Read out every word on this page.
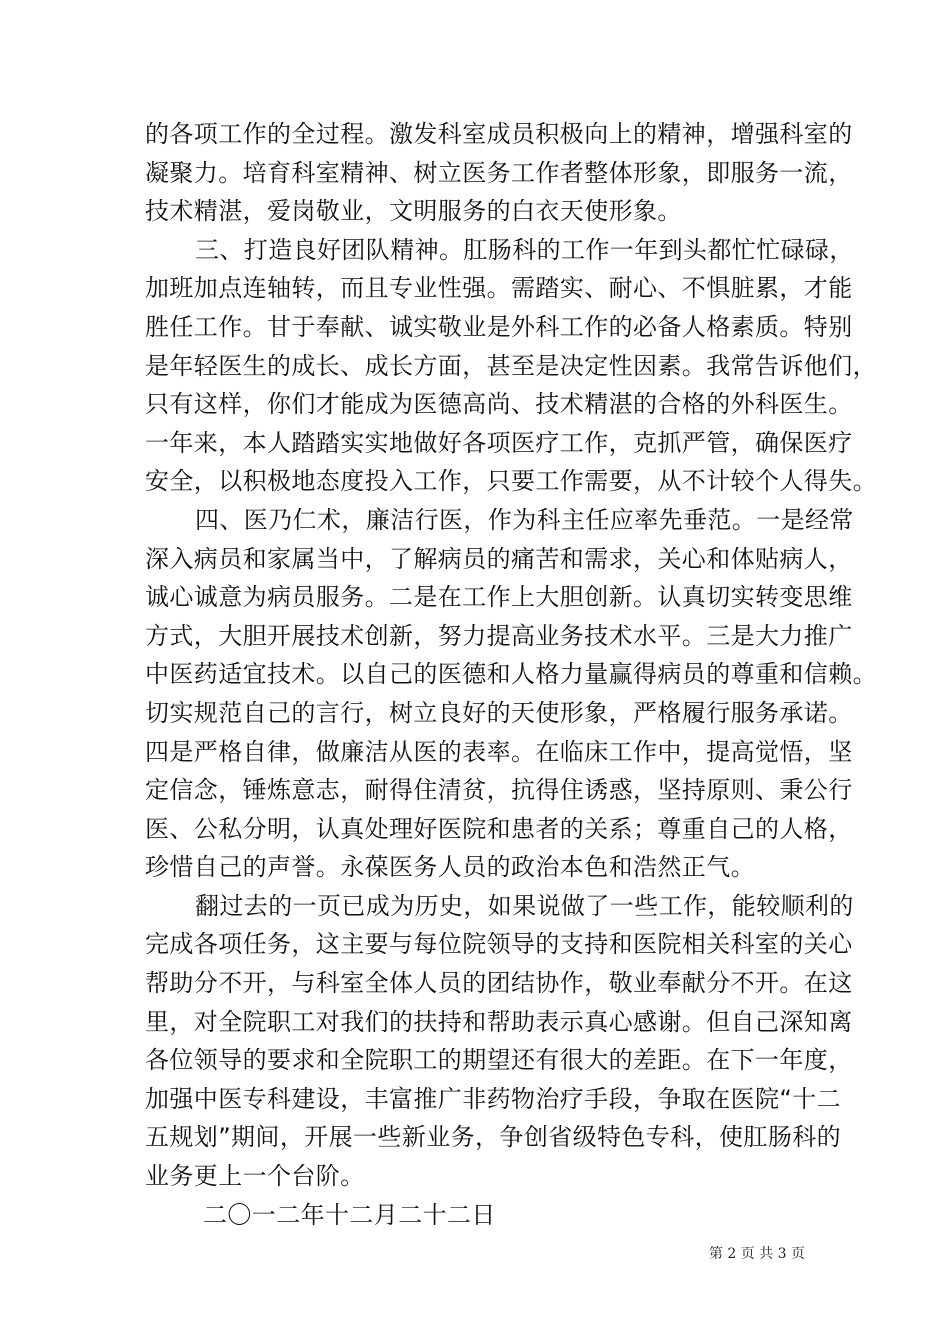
的各项工作的全过程。激发科室成员积极向上的精神，增强科室的
凝聚力。培育科室精神、树立医务工作者整体形象，即服务一流，
技术精湛，爱岗敬业，文明服务的白衣天使形象。
三、打造良好团队精神。肛肠科的工作一年到头都忙忙碌碌，
加班加点连轴转，而且专业性强。需踏实、耐心、不惧脏累，才能
胜任工作。甘于奉献、诚实敬业是外科工作的必备人格素质。特别
是年轻医生的成长、成长方面，甚至是决定性因素。我常告诉他们，
只有这样，你们才能成为医德高尚、技术精湛的合格的外科医生。
一年来，本人踏踏实实地做好各项医疗工作，克抓严管，确保医疗
安全，以积极地态度投入工作，只要工作需要，从不计较个人得失。
四、医乃仁术，廉洁行医，作为科主任应率先垂范。一是经常
深入病员和家属当中，了解病员的痛苦和需求，关心和体贴病人，
诚心诚意为病员服务。二是在工作上大胆创新。认真切实转变思维
方式，大胆开展技术创新，努力提高业务技术水平。三是大力推广
中医药适宜技术。以自己的医德和人格力量赢得病员的尊重和信赖。
切实规范自己的言行，树立良好的天使形象，严格履行服务承诺。
四是严格自律，做廉洁从医的表率。在临床工作中，提高觉悟，坚
定信念，锤炼意志，耐得住清贫，抗得住诱惑，坚持原则、秉公行
医、公私分明，认真处理好医院和患者的关系；尊重自己的人格，
珍惜自己的声誉。永葆医务人员的政治本色和浩然正气。
翻过去的一页已成为历史，如果说做了一些工作，能较顺利的
完成各项任务，这主要与每位院领导的支持和医院相关科室的关心
帮助分不开，与科室全体人员的团结协作，敬业奉献分不开。在这
里，对全院职工对我们的扶持和帮助表示真心感谢。但自己深知离
各位领导的要求和全院职工的期望还有很大的差距。在下一年度，
加强中医专科建设，丰富推广非药物治疗手段，争取在医院“十二
五规划”期间，开展一些新业务，争创省级特色专科，使肛肠科的
业务更上一个台阶。
二〇一二年十二月二十二日
第 2 页 共 3 页
